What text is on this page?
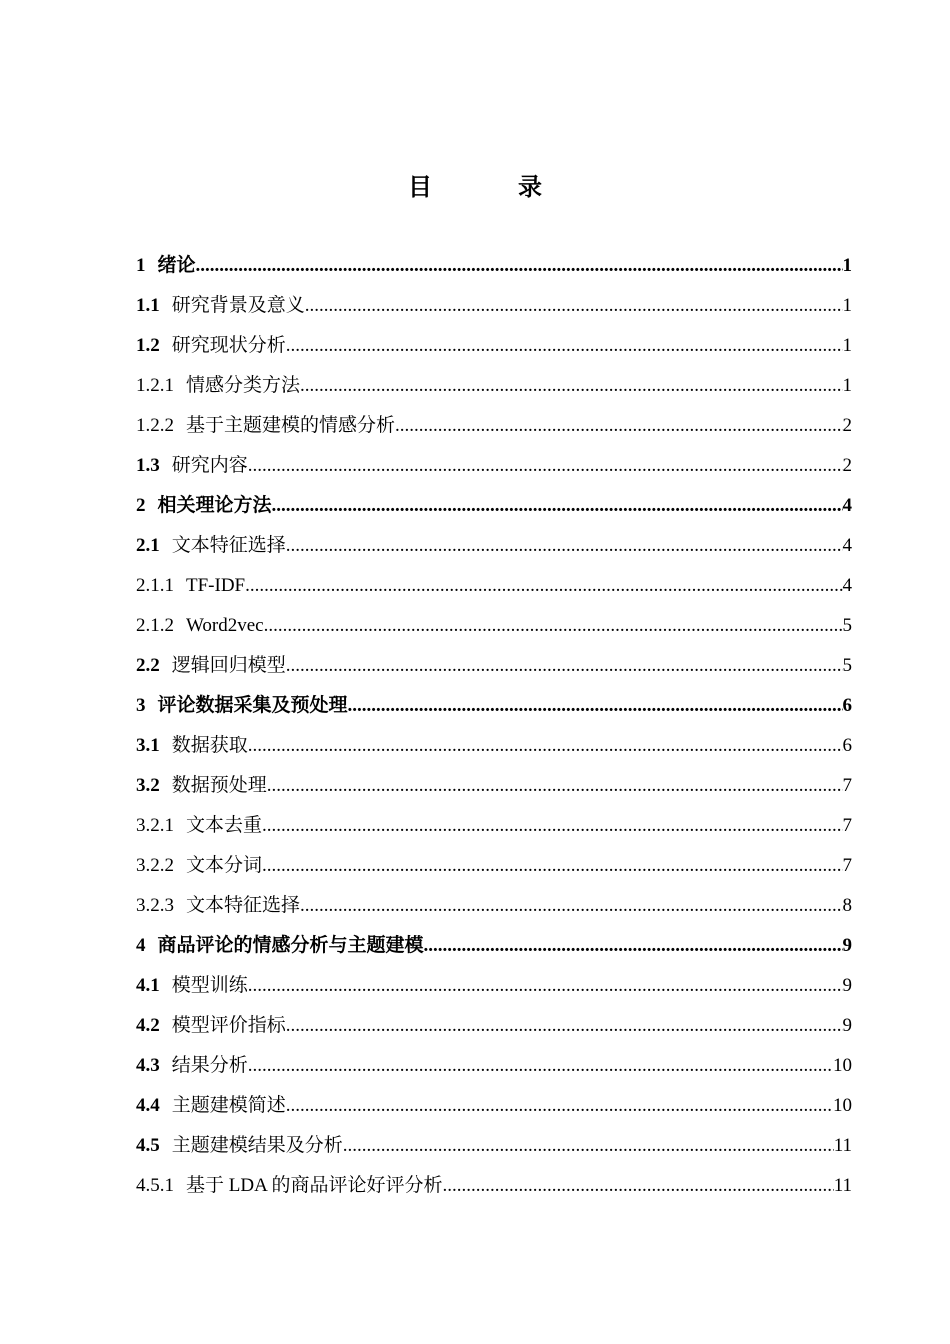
目 录
1 绪论 .....	1
1.1 研究背景及意义 .....	1
1.2 研究现状分析 .....	1
1.2.1 情感分类方法 .....	1
1.2.2 基于主题建模的情感分析 .....	2
1.3 研究内容 .....	2
2 相关理论方法 .....	4
2.1 文本特征选择 .....	4
2.1.1 TF-IDF .....	4
2.1.2 Word2vec .....	5
2.2 逻辑回归模型 .....	5
3 评论数据采集及预处理 .....	6
3.1 数据获取 .....	6
3.2 数据预处理 .....	7
3.2.1 文本去重 .....	7
3.2.2 文本分词 .....	7
3.2.3 文本特征选择 .....	8
4 商品评论的情感分析与主题建模 .....	9
4.1 模型训练 .....	9
4.2 模型评价指标 .....	9
4.3 结果分析 .....	10
4.4 主题建模简述 .....	10
4.5 主题建模结果及分析 .....	11
4.5.1 基于 LDA 的商品评论好评分析 .....	11
